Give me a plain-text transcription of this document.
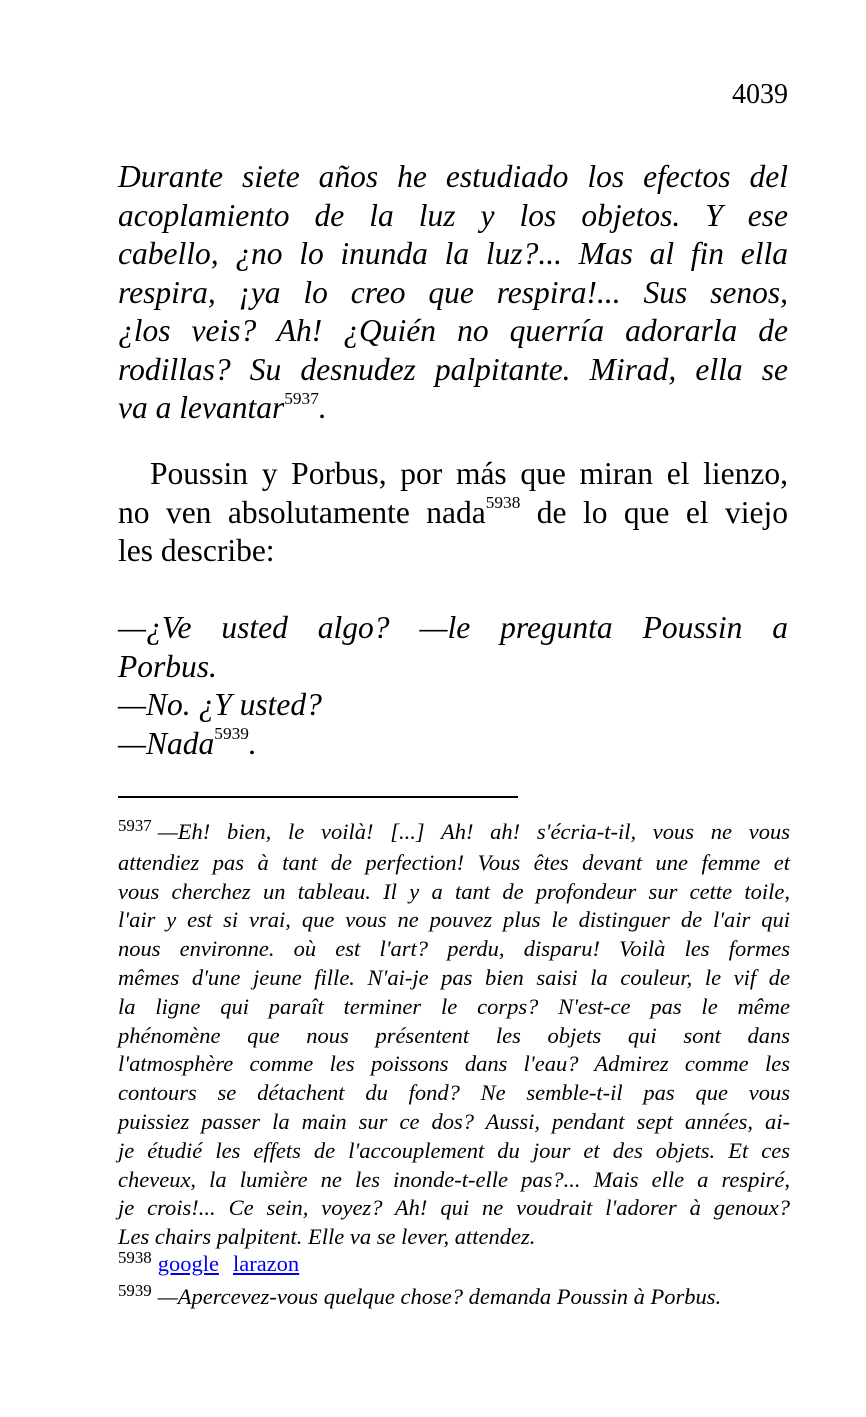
4039
Durante siete años he estudiado los efectos del
acoplamiento de la luz y los objetos. Y ese
cabello, ¿no lo inunda la luz?... Mas al fin ella
respira, ¡ya lo creo que respira!... Sus senos,
¿los veis? Ah! ¿Quién no querría adorarla de
rodillas? Su desnudez palpitante. Mirad, ella se
va a levantar$^{5937}$.
Poussin y Porbus, por más que miran el lienzo,
no ven absolutamente nada$^{5938}$ de lo que el viejo
les describe:
—¿Ve usted algo? —le pregunta Poussin a
Porbus.
—No. ¿Y usted?
—Nada$^{5939}$.
$^{5937}$ —Eh! bien, le voilà! [...] Ah! ah! s'écria-t-il, vous ne vous
attendiez pas à tant de perfection! Vous êtes devant une femme et
vous cherchez un tableau. Il y a tant de profondeur sur cette toile,
l'air y est si vrai, que vous ne pouvez plus le distinguer de l'air qui
nous environne. où est l'art? perdu, disparu! Voilà les formes
mêmes d'une jeune fille. N'ai-je pas bien saisi la couleur, le vif de
la ligne qui paraît terminer le corps? N'est-ce pas le même
phénomène que nous présentent les objets qui sont dans
l'atmosphère comme les poissons dans l'eau? Admirez comme les
contours se détachent du fond? Ne semble-t-il pas que vous
puissiez passer la main sur ce dos? Aussi, pendant sept années, ai-
je étudié les effets de l'accouplement du jour et des objets. Et ces
cheveux, la lumière ne les inonde-t-elle pas?... Mais elle a respiré,
je crois!... Ce sein, voyez? Ah! qui ne voudrait l'adorer à genoux?
Les chairs palpitent. Elle va se lever, attendez.
$^{5938}$ google larazon
$^{5939}$ —Apercevez-vous quelque chose? demanda Poussin à Porbus.
